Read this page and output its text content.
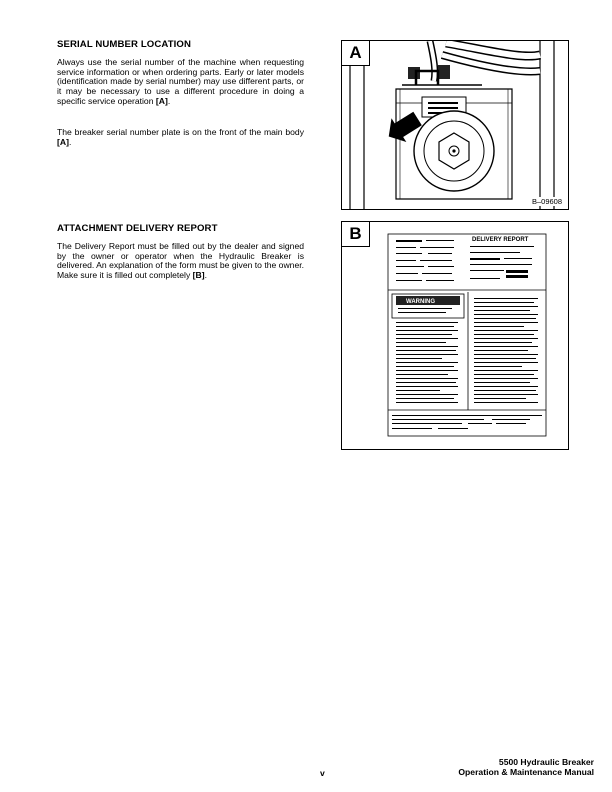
SERIAL NUMBER LOCATION

Always use the serial number of the machine when requesting service information or when ordering parts. Early or later models (identification made by serial number) may use different parts, or it may be necessary to use a different procedure in doing a specific service operation [A].

The breaker serial number plate is on the front of the main body [A].

ATTACHMENT DELIVERY REPORT

The Delivery Report must be filled out by the dealer and signed by the owner or operator when the Hydraulic Breaker is delivered. An explanation of the form must be given to the owner. Make sure it is filled out completely [B].

A
B–09608
B	DELIVERY REPORT
WARNING
v
5500 Hydraulic Breaker
Operation & Maintenance Manual
